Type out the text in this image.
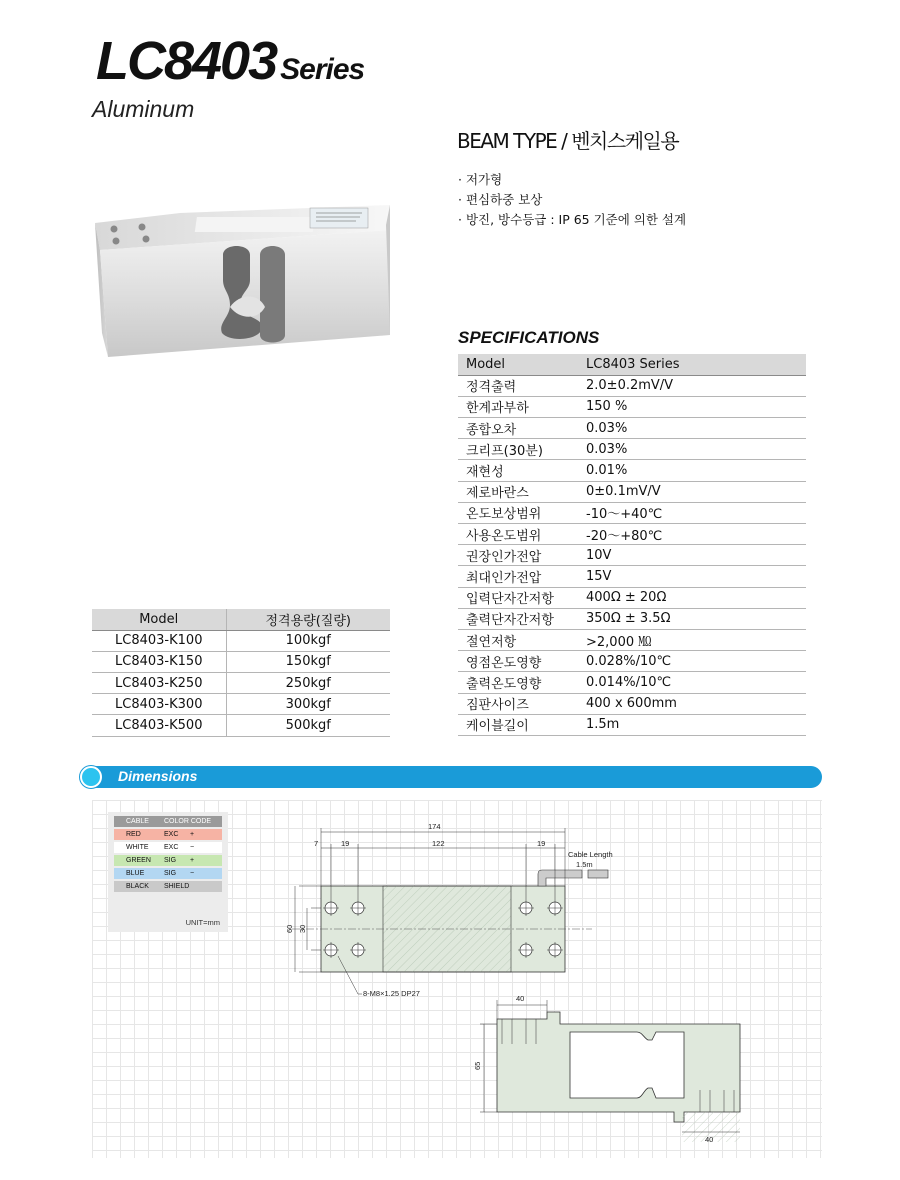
LC8403 Series
Aluminum
BEAM TYPE / 벤치스케일용
· 저가형
· 편심하중 보상
· 방진, 방수등급 : IP 65 기준에 의한 설계
SPECIFICATIONS
Model	LC8403 Series
정격출력	2.0±0.2mV/V
한계과부하	150 %
종합오차	0.03%
크리프(30분)	0.03%
재현성	0.01%
제로바란스	0±0.1mV/V
온도보상범위	-10～+40℃
사용온도범위	-20～+80℃
권장인가전압	10V
최대인가전압	15V
입력단자간저항	400Ω ± 20Ω
출력단자간저항	350Ω ± 3.5Ω
절연저항	>2,000 ㏁
영점온도영향	0.028%/10℃
출력온도영향	0.014%/10℃
짐판사이즈	400 x 600mm
케이블길이	1.5m
Model	정격용량(질량)
LC8403-K100	100kgf
LC8403-K150	150kgf
LC8403-K250	250kgf
LC8403-K300	300kgf
LC8403-K500	500kgf
Dimensions
CABLE COLOR CODE
RED	EXC +
WHITE EXC −
GREEN SIG +
BLUE	SIG −
BLACK SHIELD
UNIT=mm
174
7	19	122	19
Cable Length
1.5m
60 30
8-M8×1.25 DP27
40
65
40
